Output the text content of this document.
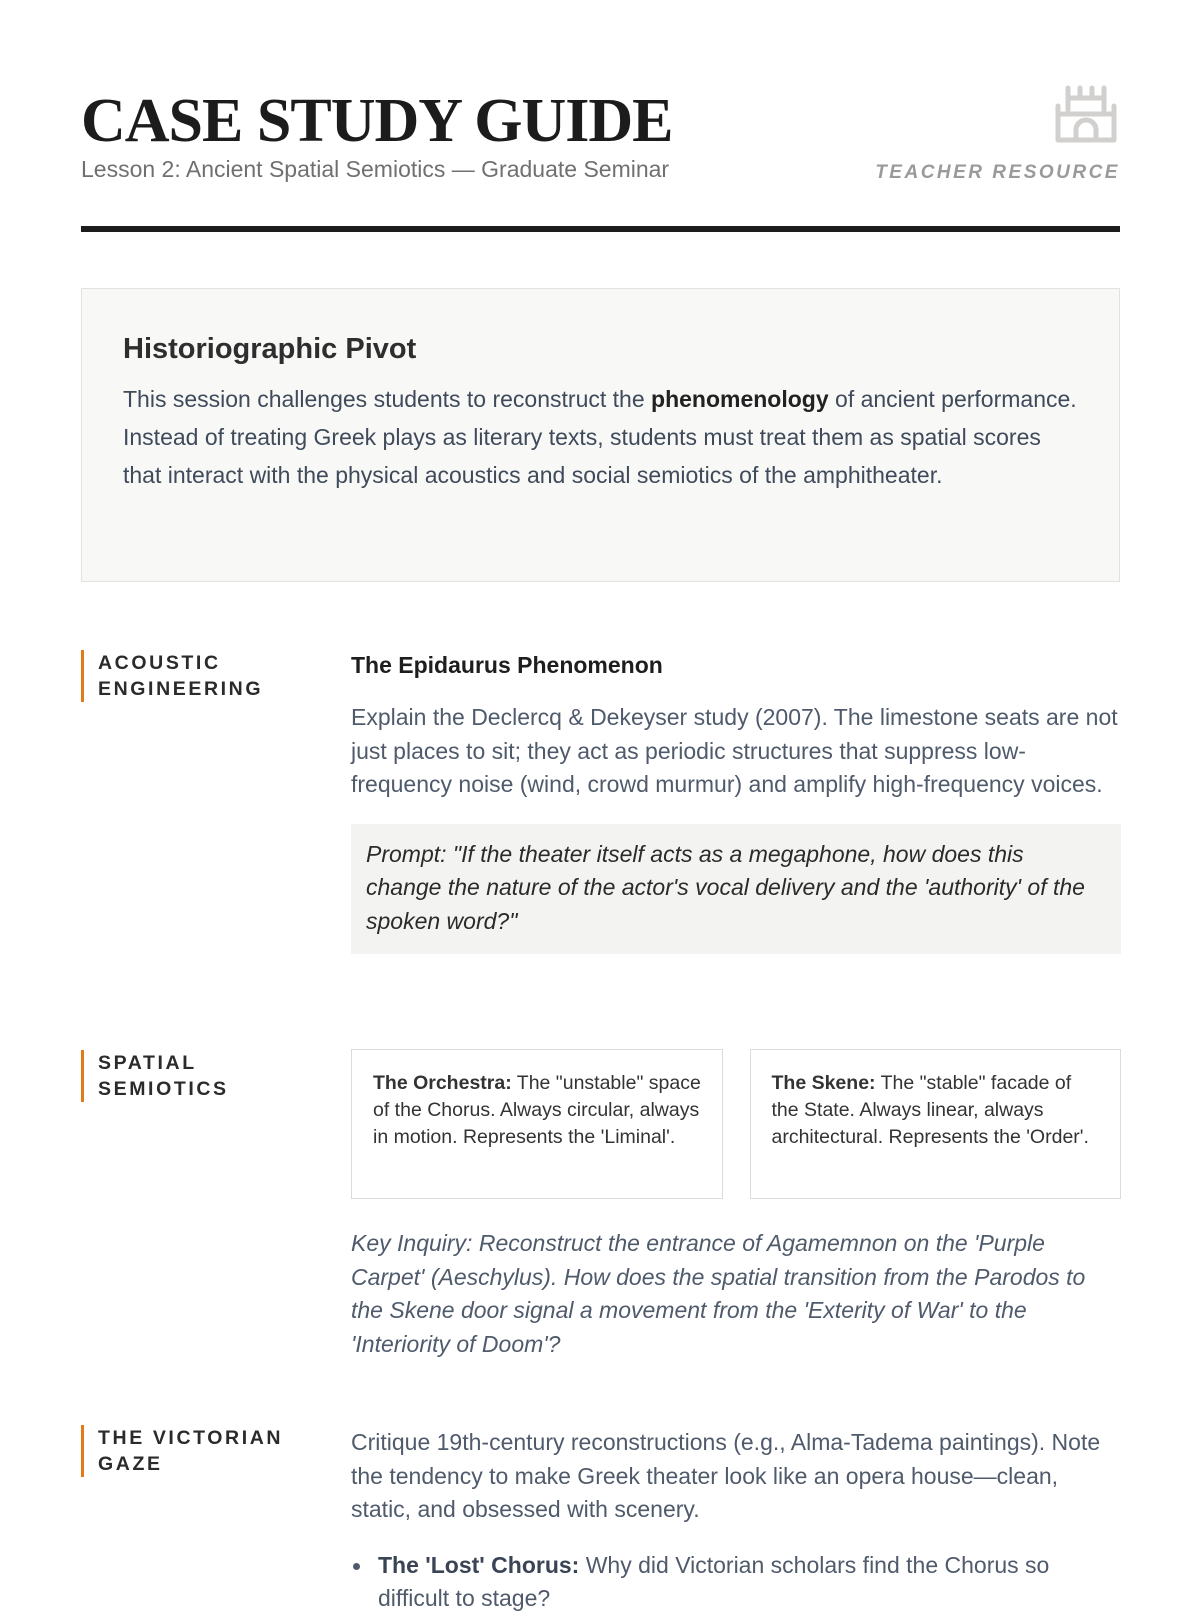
CASE STUDY GUIDE
Lesson 2: Ancient Spatial Semiotics — Graduate Seminar	TEACHER RESOURCE
Historiographic Pivot

This session challenges students to reconstruct the phenomenology of ancient performance. Instead of treating Greek plays as literary texts, students must treat them as spatial scores that interact with the physical acoustics and social semiotics of the amphitheater.

ACOUSTIC
ENGINEERING
The Epidaurus Phenomenon

Explain the Declercq & Dekeyser study (2007). The limestone seats are not just places to sit; they act as periodic structures that suppress low-frequency noise (wind, crowd murmur) and amplify high-frequency voices.

Prompt: "If the theater itself acts as a megaphone, how does this change the nature of the actor's vocal delivery and the 'authority' of the spoken word?"
SPATIAL
SEMIOTICS	The Orchestra: The "unstable" space of the Chorus. Always circular, always in motion. Represents the 'Liminal'.
The Skene: The "stable" facade of the State. Always linear, always architectural. Represents the 'Order'.

Key Inquiry: Reconstruct the entrance of Agamemnon on the 'Purple Carpet' (Aeschylus). How does the spatial transition from the Parodos to the Skene door signal a movement from the 'Exterity of War' to the 'Interiority of Doom'?

THE VICTORIAN
GAZE

Critique 19th-century reconstructions (e.g., Alma-Tadema paintings). Note the tendency to make Greek theater look like an opera house—clean, static, and obsessed with scenery.

The 'Lost' Chorus: Why did Victorian scholars find the Chorus so difficult to stage?
